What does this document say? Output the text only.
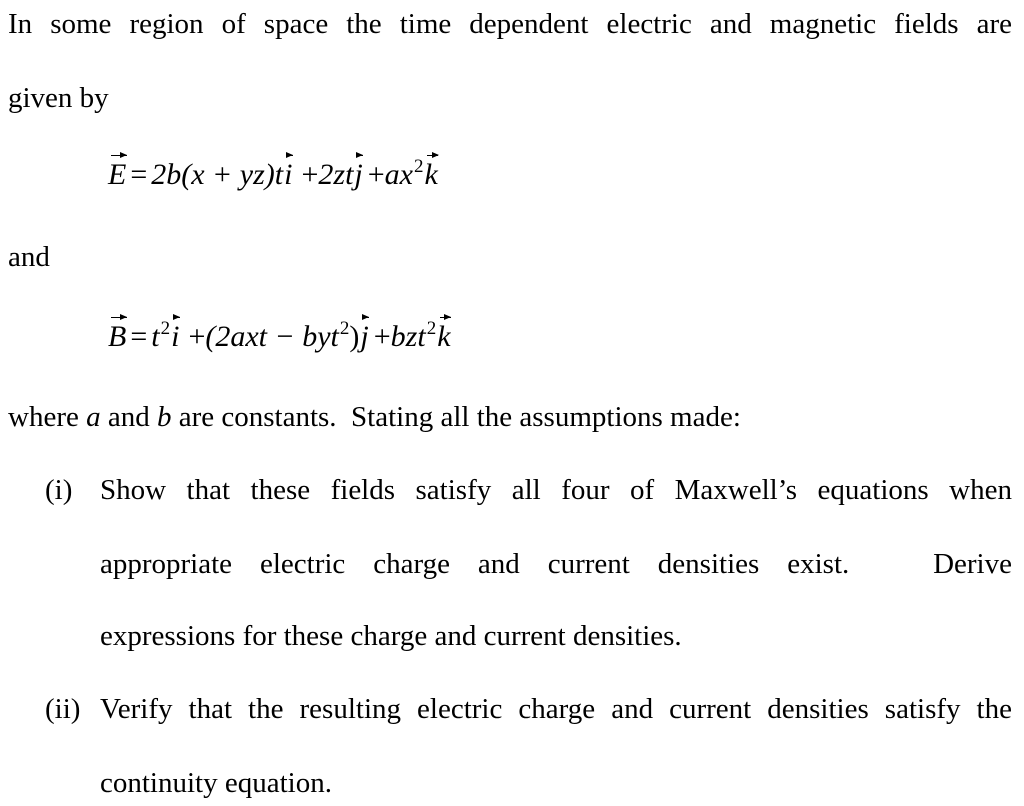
In some region of space the time dependent electric and magnetic fields are
given by
$E = 2b(x + yz)ti +2ztj +ax^2k$
and
$B = t^2i +(2axt - byt^2)j +bzt^2k$
where a and b are constants.  Stating all the assumptions made:
(i) Show that these fields satisfy all four of Maxwell’s equations when
appropriate electric charge and current densities exist.   Derive
expressions for these charge and current densities.
(ii) Verify that the resulting electric charge and current densities satisfy the
continuity equation.
